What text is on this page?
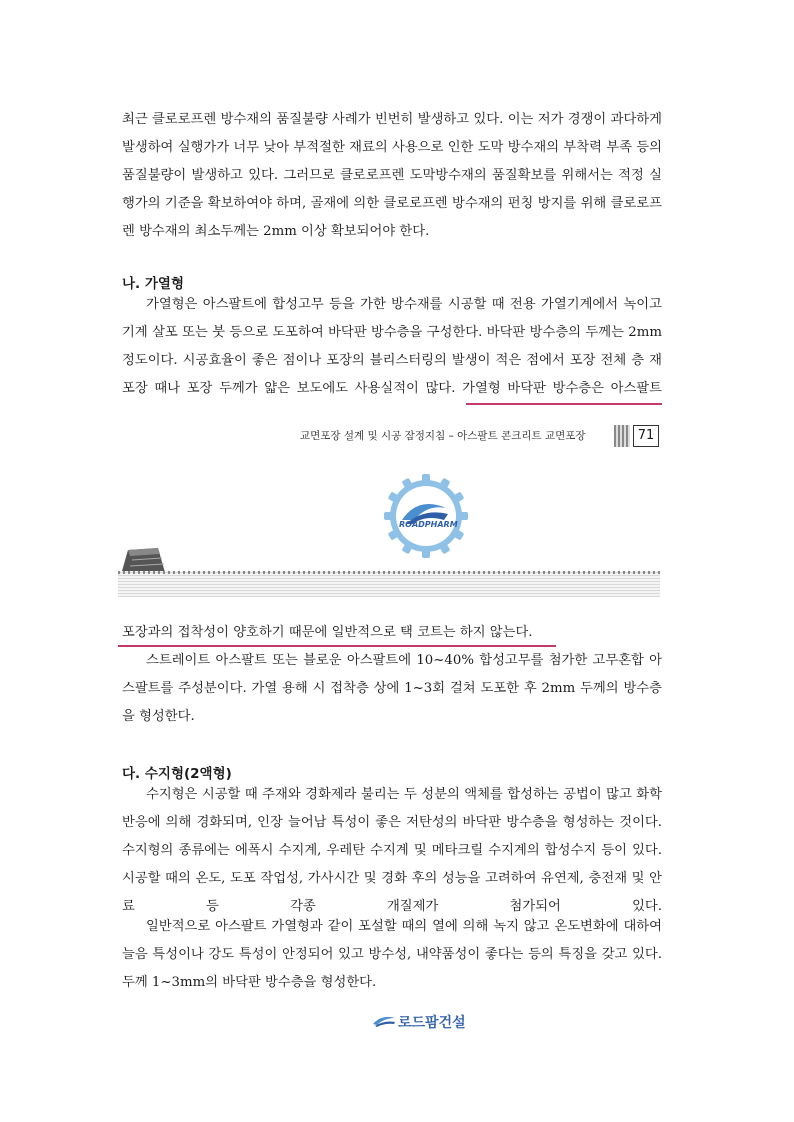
최근 클로로프렌 방수재의 품질불량 사례가 빈번히 발생하고 있다. 이는 저가 경쟁이 과다하게 발생하여 실행가가 너무 낮아 부적절한 재료의 사용으로 인한 도막 방수재의 부착력 부족 등의 품질불량이 발생하고 있다. 그러므로 클로로프렌 도막방수재의 품질확보를 위해서는 적정 실행가의 기준을 확보하여야 하며, 골재에 의한 클로로프렌 방수재의 펀칭 방지를 위해 클로로프렌 방수재의 최소두께는 2mm 이상 확보되어야 한다.

나. 가열형

가열형은 아스팔트에 합성고무 등을 가한 방수재를 시공할 때 전용 가열기계에서 녹이고 기계 살포 또는 붓 등으로 도포하여 바닥판 방수층을 구성한다. 바닥판 방수층의 두께는 2mm 정도이다. 시공효율이 좋은 점이나 포장의 블리스터링의 발생이 적은 점에서 포장 전체 층 재포장 때나 포장 두께가 얇은 보도에도 사용실적이 많다. 가열형 바닥판 방수층은 아스팔트

교면포장 설계 및 시공 잠정지침 – 아스팔트 콘크리트 교면포장	71
ROADPHARM

포장과의 접착성이 양호하기 때문에 일반적으로 택 코트는 하지 않는다.

스트레이트 아스팔트 또는 블로운 아스팔트에 10~40% 합성고무를 첨가한 고무혼합 아스팔트를 주성분이다. 가열 용해 시 접착층 상에 1~3회 걸쳐 도포한 후 2mm 두께의 방수층을 형성한다.

다. 수지형(2액형)

수지형은 시공할 때 주재와 경화제라 불리는 두 성분의 액체를 합성하는 공법이 많고 화학반응에 의해 경화되며, 인장 늘어남 특성이 좋은 저탄성의 바닥판 방수층을 형성하는 것이다. 수지형의 종류에는 에폭시 수지계, 우레탄 수지계 및 메타크릴 수지계의 합성수지 등이 있다. 시공할 때의 온도, 도포 작업성, 가사시간 및 경화 후의 성능을 고려하여 유연제, 충전재 및 안료 등 각종 개질제가 첨가되어 있다.

일반적으로 아스팔트 가열형과 같이 포설할 때의 열에 의해 녹지 않고 온도변화에 대하여 늘음 특성이나 강도 특성이 안정되어 있고 방수성, 내약품성이 좋다는 등의 특징을 갖고 있다. 두께 1~3mm의 바닥판 방수층을 형성한다.

로드팜건설
